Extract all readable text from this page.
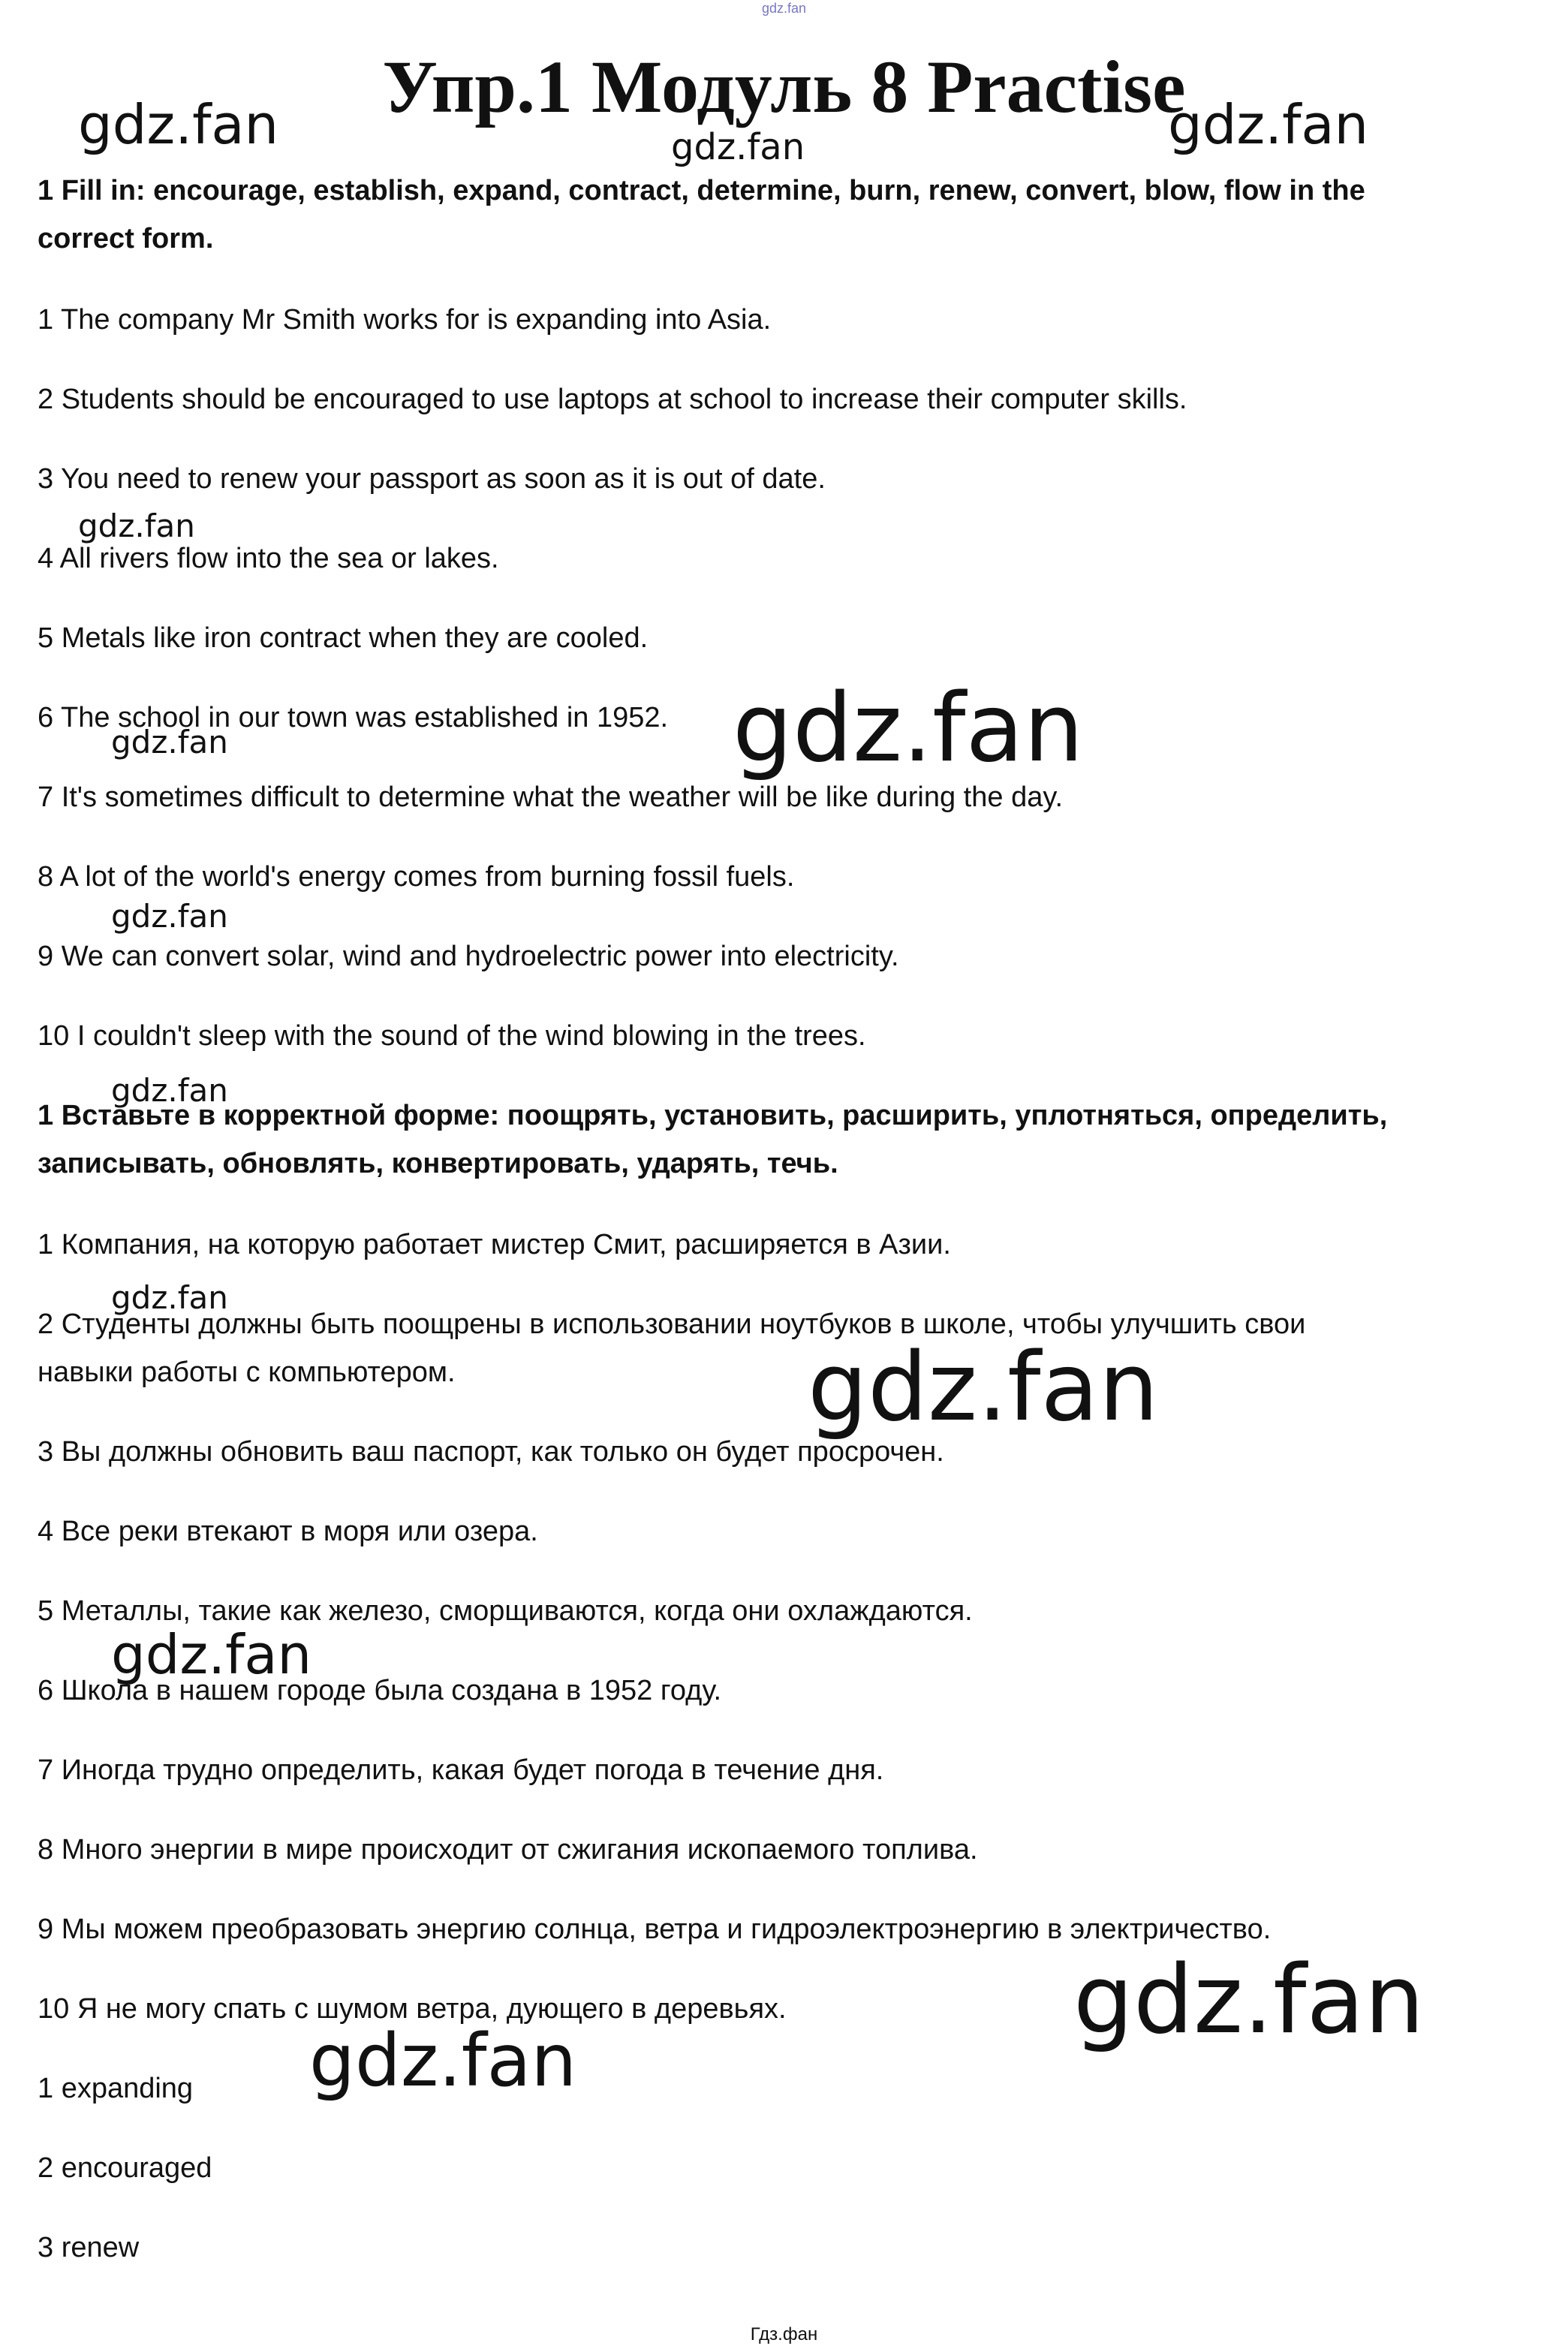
gdz.fan
Упр.1 Модуль 8 Practise
1 Fill in: encourage, establish, expand, contract, determine, burn, renew, convert, blow, flow in the
correct form.
1 The company Mr Smith works for is expanding into Asia.
2 Students should be encouraged to use laptops at school to increase their computer skills.
3 You need to renew your passport as soon as it is out of date.
4 All rivers flow into the sea or lakes.
5 Metals like iron contract when they are cooled.
6 The school in our town was established in 1952.
7 It's sometimes difficult to determine what the weather will be like during the day.
8 A lot of the world's energy comes from burning fossil fuels.
9 We can convert solar, wind and hydroelectric power into electricity.
10 I couldn't sleep with the sound of the wind blowing in the trees.
1 Вставьте в корректной форме: поощрять, установить, расширить, уплотняться, определить,
записывать, обновлять, конвертировать, ударять, течь.
1 Компания, на которую работает мистер Смит, расширяется в Азии.
2 Студенты должны быть поощрены в использовании ноутбуков в школе, чтобы улучшить свои
навыки работы с компьютером.
3 Вы должны обновить ваш паспорт, как только он будет просрочен.
4 Все реки втекают в моря или озера.
5 Металлы, такие как железо, сморщиваются, когда они охлаждаются.
6 Школа в нашем городе была создана в 1952 году.
7 Иногда трудно определить, какая будет погода в течение дня.
8 Много энергии в мире происходит от сжигания ископаемого топлива.
9 Мы можем преобразовать энергию солнца, ветра и гидроэлектроэнергию в электричество.
10 Я не могу спать с шумом ветра, дующего в деревьях.
1 expanding
2 encouraged
3 renew
Гдз.фан
gdz.fan	gdz.fan	gdz.fan
gdz.fan
gdz.fan
gdz.fan
gdz.fan
gdz.fan
gdz.fan
gdz.fan
gdz.fan
gdz.fan
gdz.fan
